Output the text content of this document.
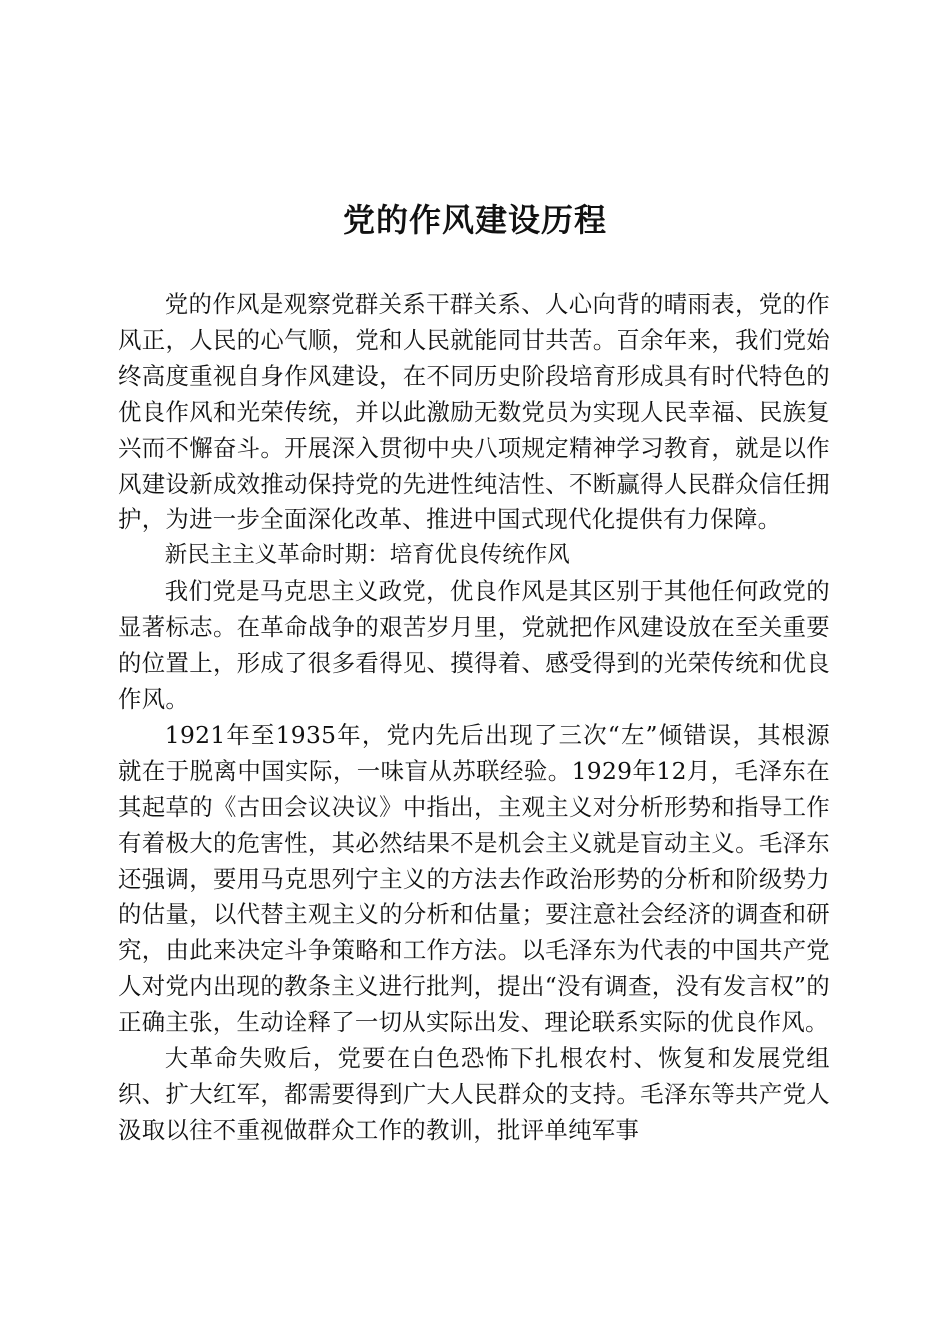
党的作风建设历程

党的作风是观察党群关系干群关系、人心向背的晴雨表，党的作风正，人民的心气顺，党和人民就能同甘共苦。百余年来，我们党始终高度重视自身作风建设，在不同历史阶段培育形成具有时代特色的优良作风和光荣传统，并以此激励无数党员为实现人民幸福、民族复兴而不懈奋斗。开展深入贯彻中央八项规定精神学习教育，就是以作风建设新成效推动保持党的先进性纯洁性、不断赢得人民群众信任拥护，为进一步全面深化改革、推进中国式现代化提供有力保障。

新民主主义革命时期：培育优良传统作风

我们党是马克思主义政党，优良作风是其区别于其他任何政党的显著标志。在革命战争的艰苦岁月里，党就把作风建设放在至关重要的位置上，形成了很多看得见、摸得着、感受得到的光荣传统和优良作风。

1921年至1935年，党内先后出现了三次“左”倾错误，其根源就在于脱离中国实际，一味盲从苏联经验。1929年12月，毛泽东在其起草的《古田会议决议》中指出，主观主义对分析形势和指导工作有着极大的危害性，其必然结果不是机会主义就是盲动主义。毛泽东还强调，要用马克思列宁主义的方法去作政治形势的分析和阶级势力的估量，以代替主观主义的分析和估量；要注意社会经济的调查和研究，由此来决定斗争策略和工作方法。以毛泽东为代表的中国共产党人对党内出现的教条主义进行批判，提出“没有调查，没有发言权”的正确主张，生动诠释了一切从实际出发、理论联系实际的优良作风。

大革命失败后，党要在白色恐怖下扎根农村、恢复和发展党组织、扩大红军，都需要得到广大人民群众的支持。毛泽东等共产党人汲取以往不重视做群众工作的教训，批评单纯军事
